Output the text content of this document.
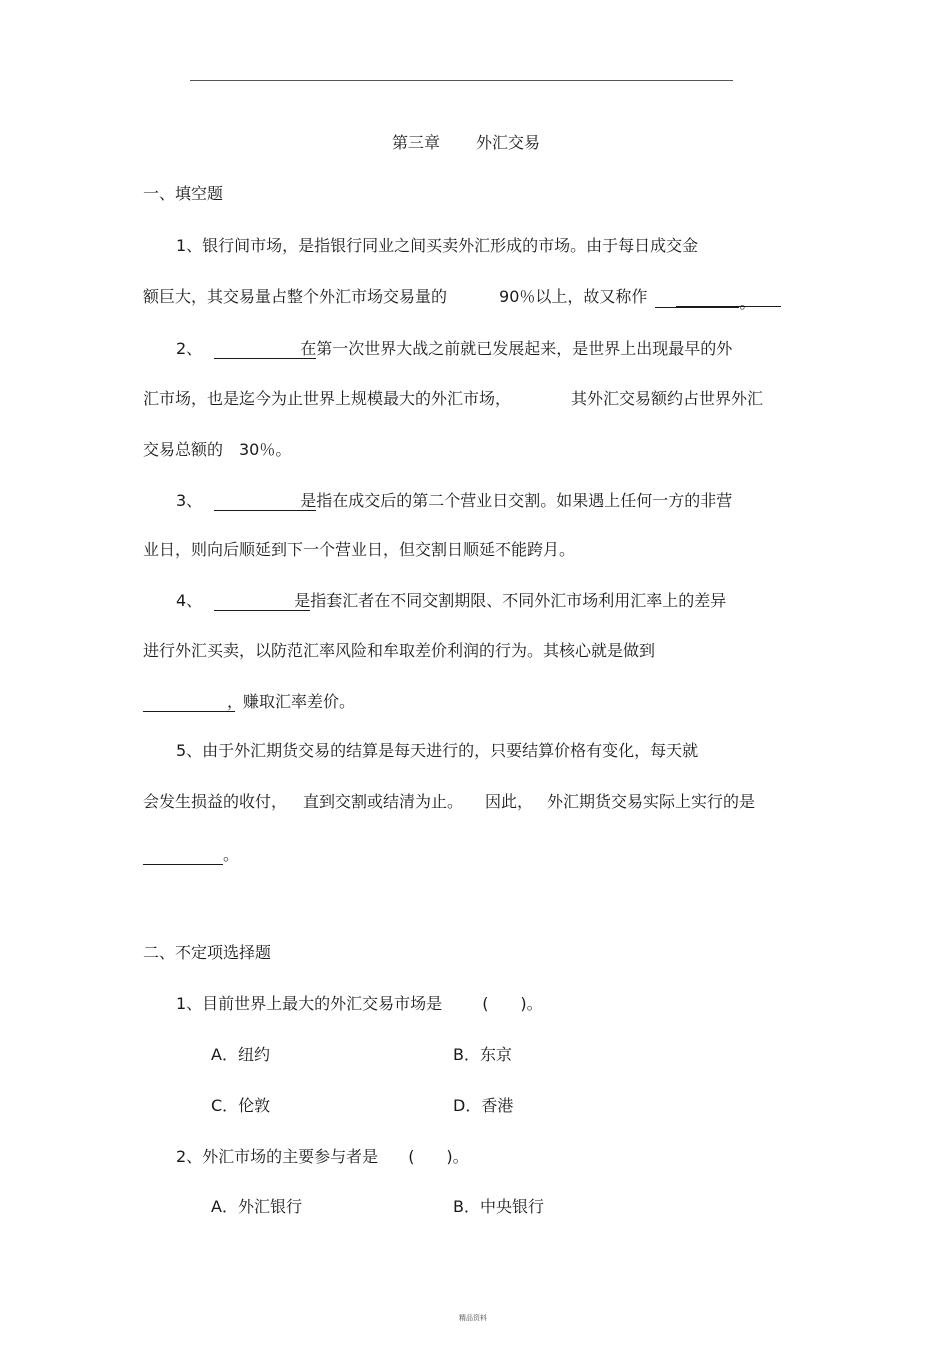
第三章 外汇交易
一、填空题
1、银行间市场，是指银行同业之间买卖外汇形成的市场。由于每日成交金
额巨大，其交易量占整个外汇市场交易量的	90％以上，故又称作	。
2、	在第一次世界大战之前就已发展起来，是世界上出现最早的外
汇市场，也是迄今为止世界上规模最大的外汇市场，	其外汇交易额约占世界外汇
交易总额的　30％。
3、	是指在成交后的第二个营业日交割。如果遇上任何一方的非营
业日，则向后顺延到下一个营业日，但交割日顺延不能跨月。
4、	是指套汇者在不同交割期限、不同外汇市场利用汇率上的差异
进行外汇买卖，以防范汇率风险和牟取差价利润的行为。其核心就是做到
，赚取汇率差价。
5、由于外汇期货交易的结算是每天进行的，只要结算价格有变化，每天就
会发生损益的收付， 直到交割或结清为止。 因此， 外汇期货交易实际上实行的是
。
二、不定项选择题
1、目前世界上最大的外汇交易市场是	(　　)。
A．纽约	B．东京
C．伦敦	D．香港
2、外汇市场的主要参与者是 (　　)。
A．外汇银行	B．中央银行
精品资料
